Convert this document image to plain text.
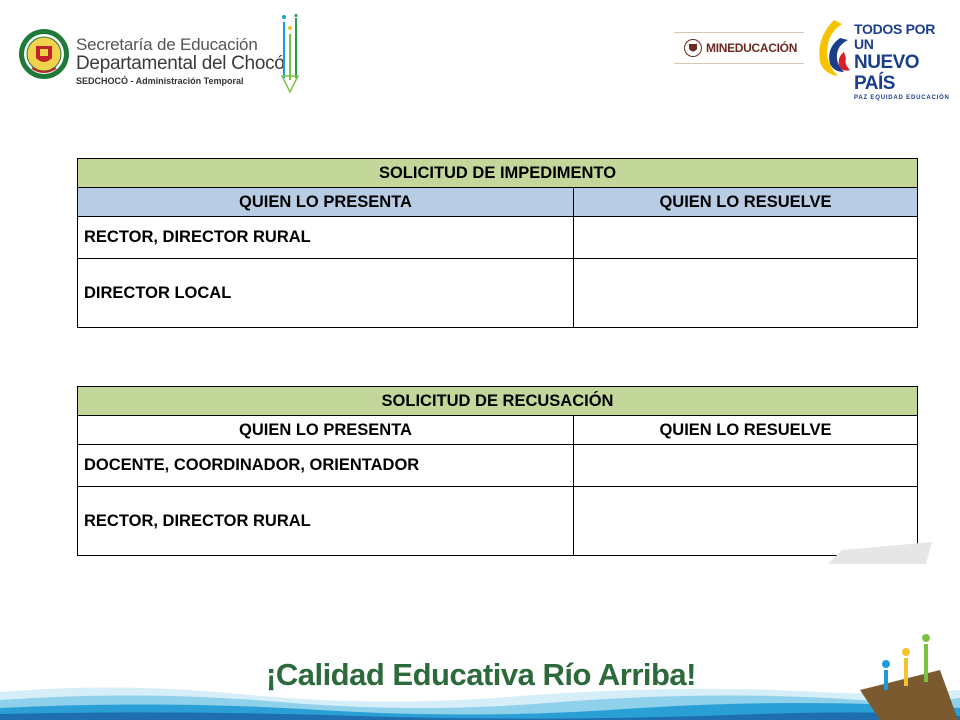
Secretaría de Educación
Departamental del Chocó
SEDCHOCÓ - Administración Temporal
MINEDUCACIÓN
TODOS POR UN
NUEVO PAÍS
PAZ EQUIDAD EDUCACIÓN
SOLICITUD DE IMPEDIMENTO	
QUIEN LO PRESENTA	QUIEN LO RESUELVE
RECTOR, DIRECTOR RURAL	
DIRECTOR LOCAL	
SOLICITUD DE RECUSACIÓN	
QUIEN LO PRESENTA	QUIEN LO RESUELVE
DOCENTE, COORDINADOR, ORIENTADOR	
RECTOR, DIRECTOR RURAL	
¡Calidad Educativa Río Arriba!
